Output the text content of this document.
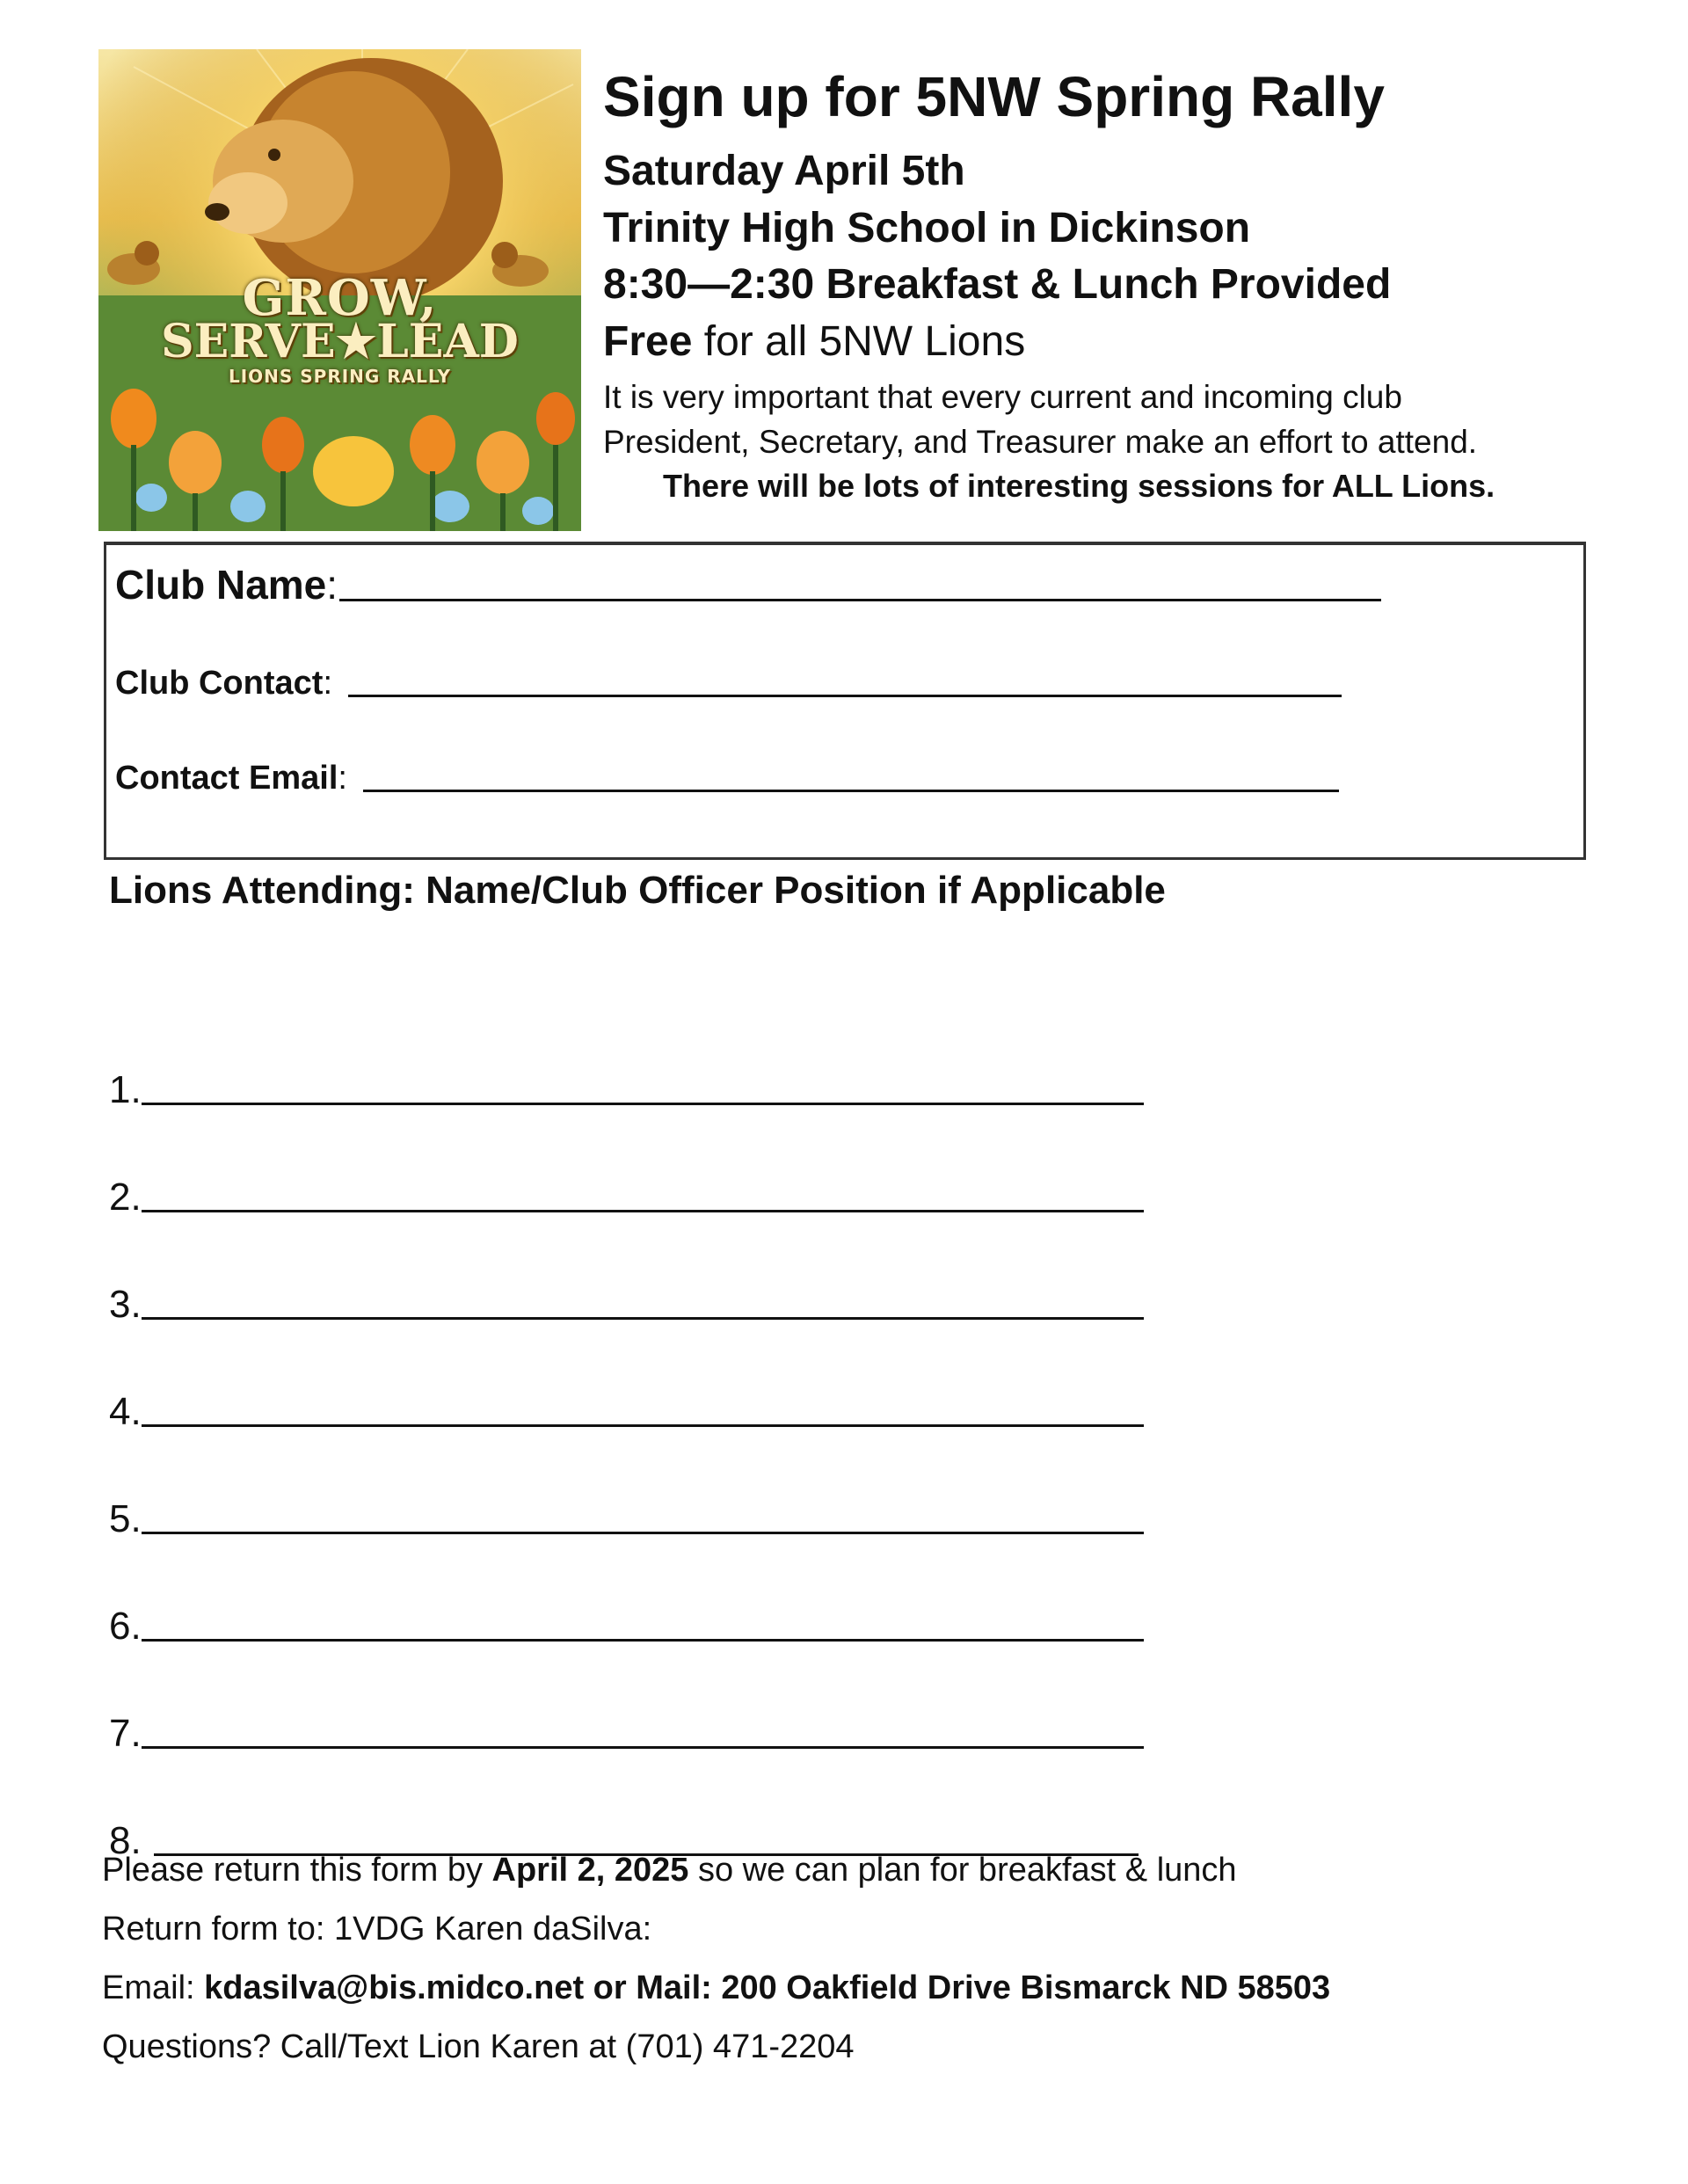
GROW,
SERVE★LEAD
LIONS SPRING RALLY
Sign up for 5NW Spring Rally
Saturday April 5th
Trinity High School in Dickinson
8:30—2:30 Breakfast & Lunch Provided
Free for all 5NW Lions
It is very important that every current and incoming club
President, Secretary, and Treasurer make an effort to attend.
There will be lots of interesting sessions for ALL Lions.
Club Name:
Club Contact:
Contact Email:
Lions Attending: Name/Club Officer Position if Applicable
1.
2.
3.
4.
5.
6.
7.
8.

Please return this form by April 2, 2025 so we can plan for breakfast & lunch

Return form to: 1VDG Karen daSilva:

Email: kdasilva@bis.midco.net or Mail: 200 Oakfield Drive Bismarck ND 58503

Questions? Call/Text Lion Karen at (701) 471-2204
